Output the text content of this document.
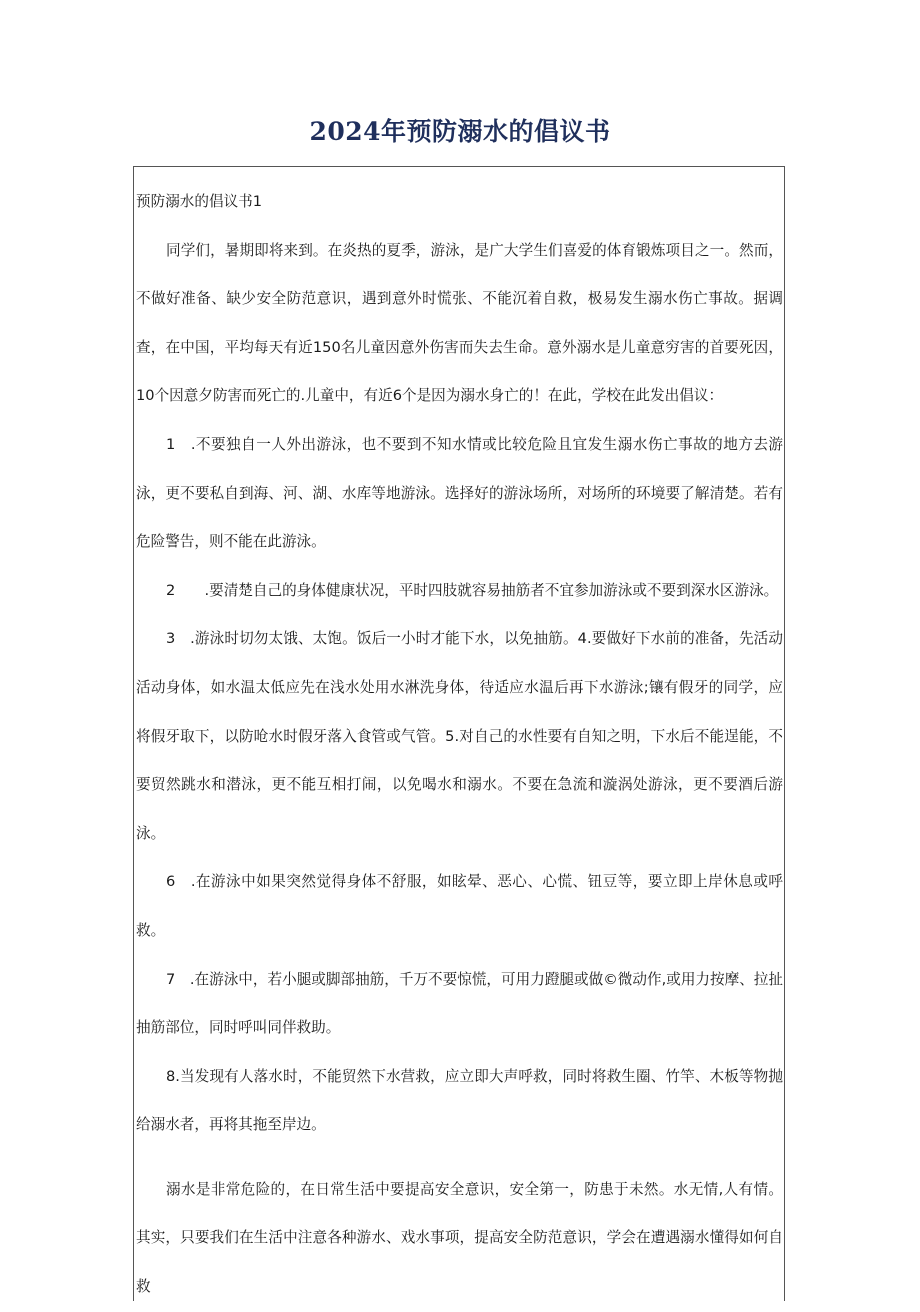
2024年预防溺水的倡议书

预防溺水的倡议书1

同学们，暑期即将来到。在炎热的夏季，游泳，是广大学生们喜爱的体育锻炼项目之一。然而，不做好准备、缺少安全防范意识，遇到意外时慌张、不能沉着自救，极易发生溺水伤亡事故。据调查，在中国，平均每天有近150名儿童因意外伤害而失去生命。意外溺水是儿童意穷害的首要死因，10个因意夕防害而死亡的.儿童中，有近6个是因为溺水身亡的！在此，学校在此发出倡议：

1　.不要独自一人外出游泳，也不要到不知水情或比较危险且宜发生溺水伤亡事故的地方去游泳，更不要私自到海、河、湖、水库等地游泳。选择好的游泳场所，对场所的环境要了解清楚。若有危险警告，则不能在此游泳。

2　　.要清楚自己的身体健康状况，平时四肢就容易抽筋者不宜参加游泳或不要到深水区游泳。

3　.游泳时切勿太饿、太饱。饭后一小时才能下水，以免抽筋。4.要做好下水前的准备，先活动活动身体，如水温太低应先在浅水处用水淋洗身体，待适应水温后再下水游泳;镶有假牙的同学，应将假牙取下，以防呛水时假牙落入食管或气管。5.对自己的水性要有自知之明，下水后不能逞能，不要贸然跳水和潜泳，更不能互相打闹，以免喝水和溺水。不要在急流和漩涡处游泳，更不要酒后游泳。

6　.在游泳中如果突然觉得身体不舒服，如眩晕、恶心、心慌、钮豆等，要立即上岸休息或呼救。

7　.在游泳中，若小腿或脚部抽筋，千万不要惊慌，可用力蹬腿或做©微动作,或用力按摩、拉扯抽筋部位，同时呼叫同伴救助。

8.当发现有人落水时，不能贸然下水营救，应立即大声呼救，同时将救生圈、竹竿、木板等物抛给溺水者，再将其拖至岸边。

溺水是非常危险的，在日常生活中要提高安全意识，安全第一，防患于未然。水无情,人有情。其实，只要我们在生活中注意各种游水、戏水事项，提高安全防范意识，学会在遭遇溺水懂得如何自救
